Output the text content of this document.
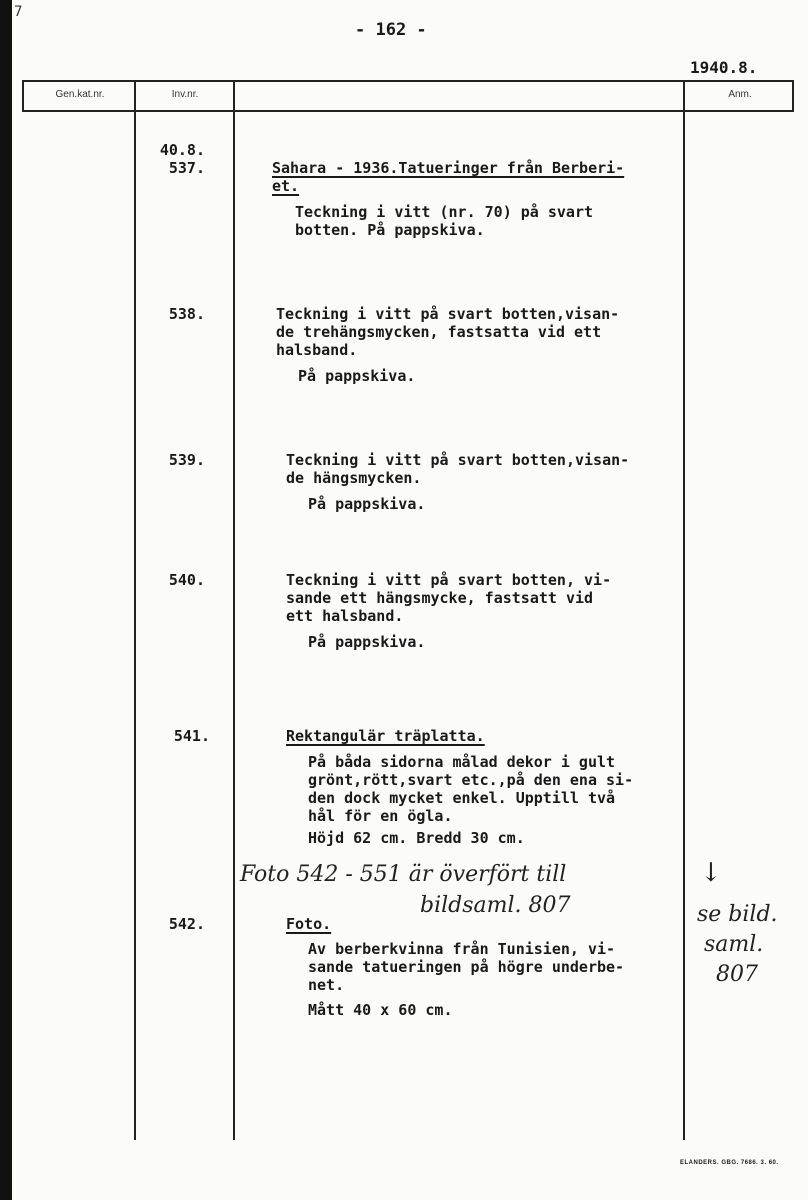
7
- 162 -
1940.8.
Gen.kat.nr.	Inv.nr.	Anm.
40.8.
537.	Sahara - 1936.Tatueringer från Berberi-
et.
Teckning i vitt (nr. 70) på svart
botten. På pappskiva.
538.	Teckning i vitt på svart botten,visan-
de trehängsmycken, fastsatta vid ett
halsband.
På pappskiva.
539.	Teckning i vitt på svart botten,visan-
de hängsmycken.
På pappskiva.
540.	Teckning i vitt på svart botten, vi-
sande ett hängsmycke, fastsatt vid
ett halsband.
På pappskiva.
541.	Rektangulär träplatta.
På båda sidorna målad dekor i gult
grönt,rött,svart etc.,på den ena si-
den dock mycket enkel. Upptill två
hål för en ögla.
Höjd 62 cm. Bredd 30 cm.
Foto 542 - 551 är överfört till
bildsaml. 807
542.	Foto.
Av berberkvinna från Tunisien, vi-
sande tatueringen på högre underbe-
net.
Mått 40 x 60 cm.
↓
se bild.
saml.
807
ELANDERS. GBG. 7686. 3. 60.
